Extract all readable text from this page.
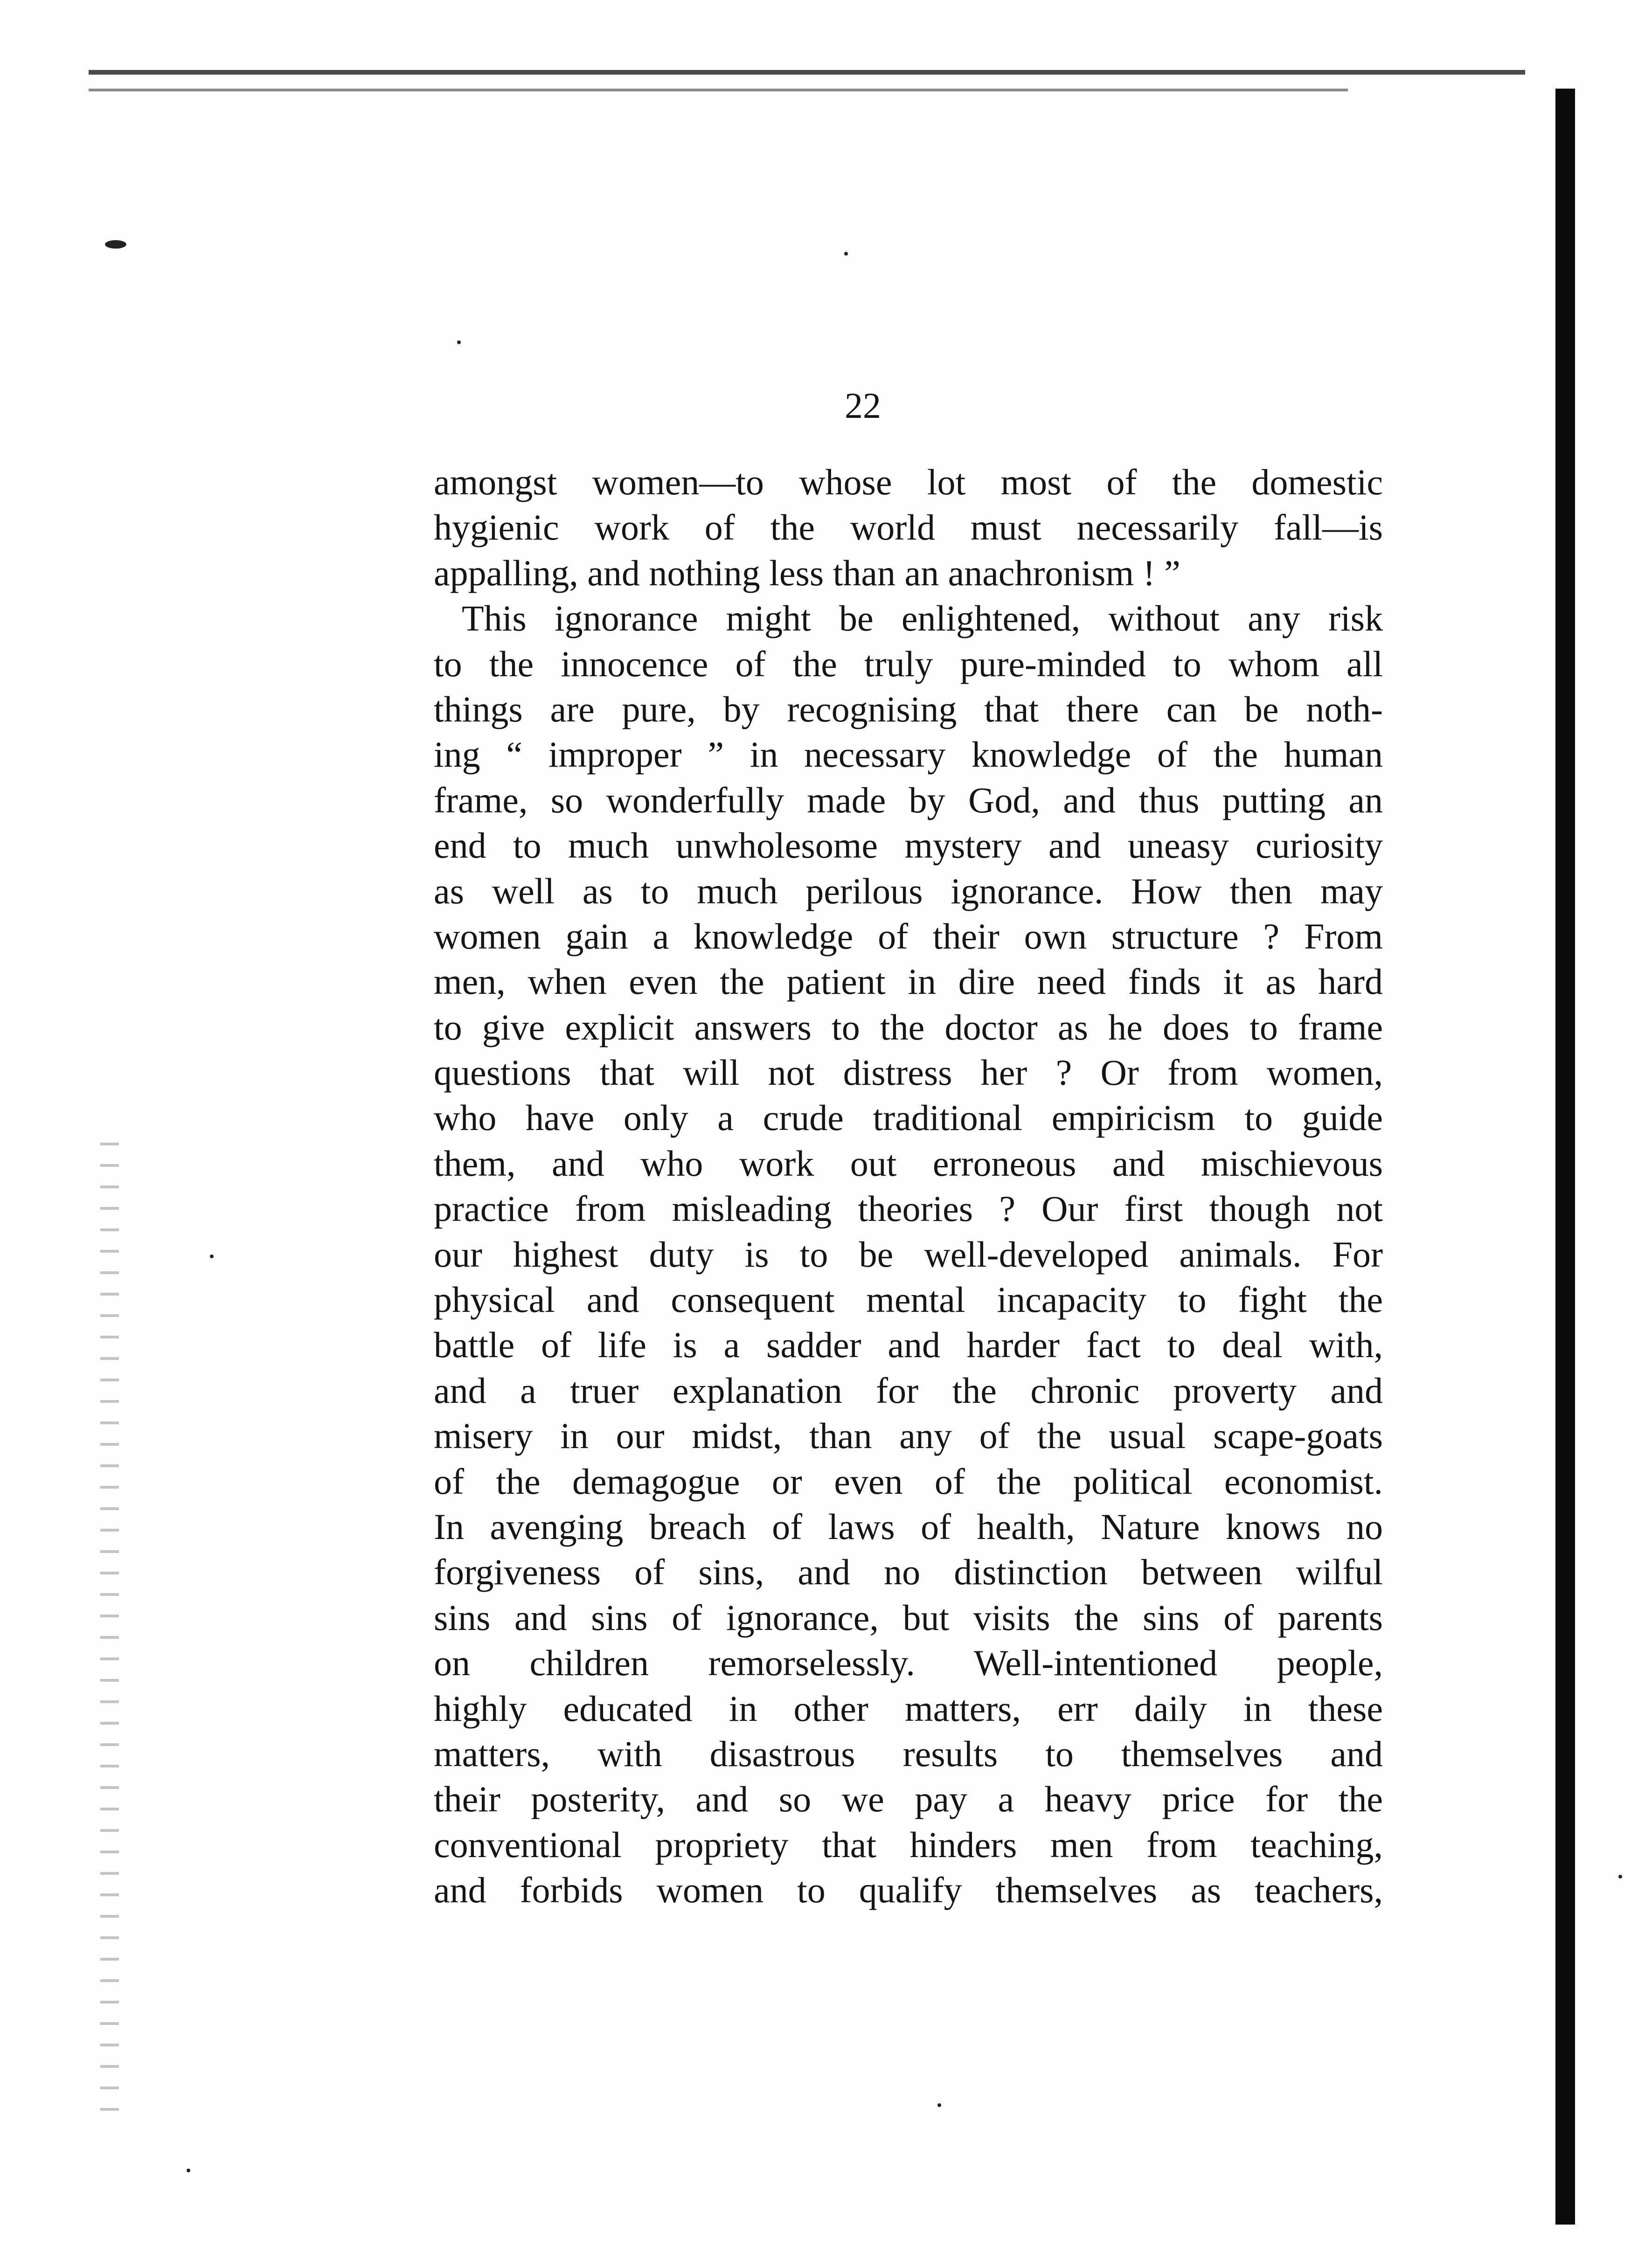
22
amongst women—to whose lot most of the domestic
hygienic work of the world must necessarily fall—is
appalling, and nothing less than an anachronism ! ”
This ignorance might be enlightened, without any risk
to the innocence of the truly pure-minded to whom all
things are pure, by recognising that there can be noth-
ing “ improper ” in necessary knowledge of the human
frame, so wonderfully made by God, and thus putting an
end to much unwholesome mystery and uneasy curiosity
as well as to much perilous ignorance. How then may
women gain a knowledge of their own structure ? From
men, when even the patient in dire need finds it as hard
to give explicit answers to the doctor as he does to frame
questions that will not distress her ? Or from women,
who have only a crude traditional empiricism to guide
them, and who work out erroneous and mischievous
practice from misleading theories ? Our first though not
our highest duty is to be well-developed animals. For
physical and consequent mental incapacity to fight the
battle of life is a sadder and harder fact to deal with,
and a truer explanation for the chronic proverty and
misery in our midst, than any of the usual scape-goats
of the demagogue or even of the political economist.
In avenging breach of laws of health, Nature knows no
forgiveness of sins, and no distinction between wilful
sins and sins of ignorance, but visits the sins of parents
on children remorselessly. Well-intentioned people,
highly educated in other matters, err daily in these
matters, with disastrous results to themselves and
their posterity, and so we pay a heavy price for the
conventional propriety that hinders men from teaching,
and forbids women to qualify themselves as teachers,
